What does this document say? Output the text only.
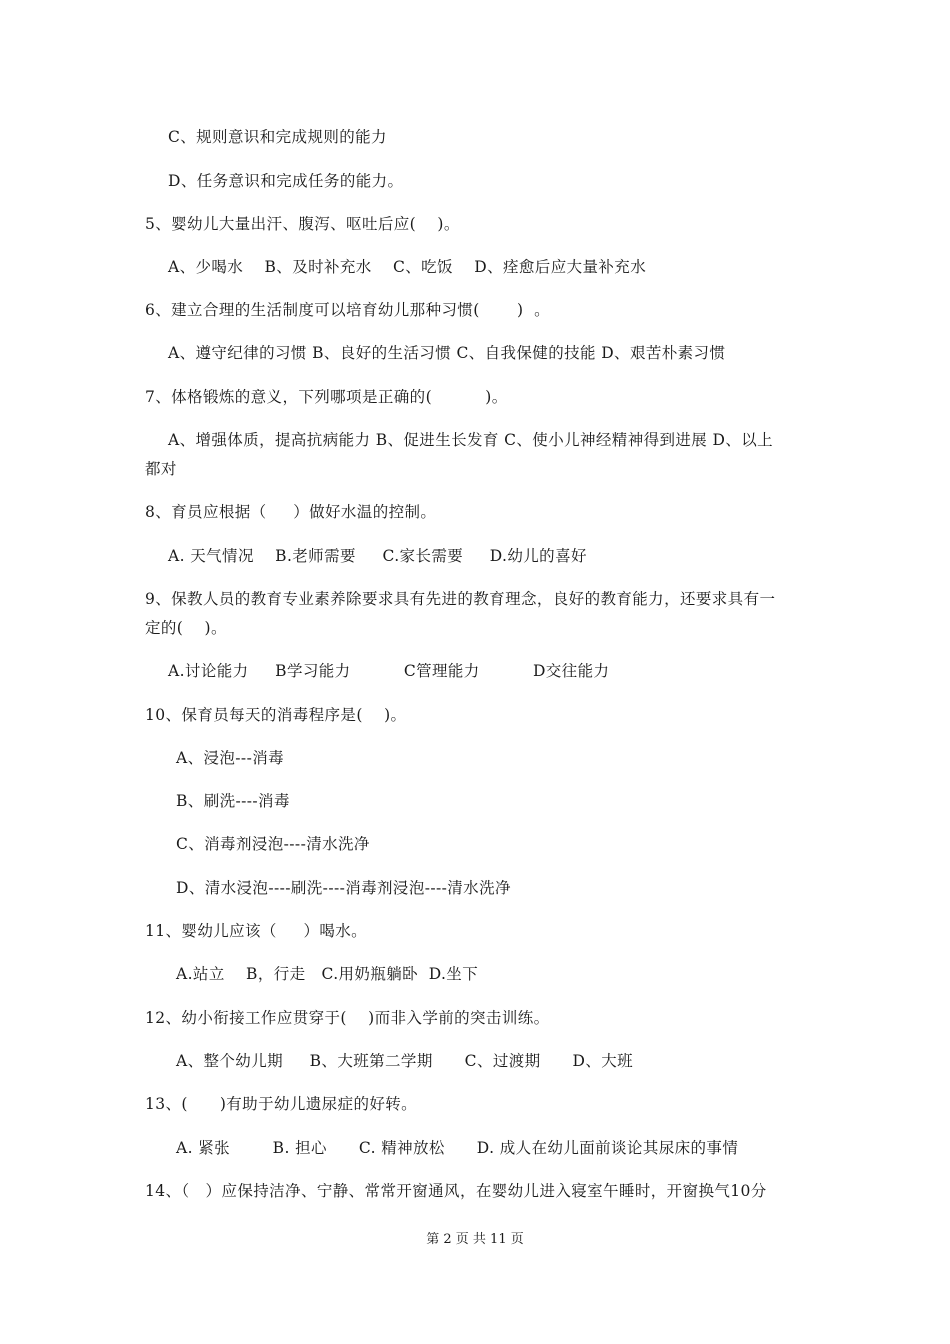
C、规则意识和完成规则的能力
D、任务意识和完成任务的能力。
5、婴幼儿大量出汗、腹泻、呕吐后应(    )。
A、少喝水    B、及时补充水    C、吃饭    D、痊愈后应大量补充水
6、建立合理的生活制度可以培育幼儿那种习惯(       )  。
A、遵守纪律的习惯 B、良好的生活习惯 C、自我保健的技能 D、艰苦朴素习惯
7、体格锻炼的意义，下列哪项是正确的(          )。
A、增强体质，提高抗病能力 B、促进生长发育 C、使小儿神经精神得到进展 D、以上
都对
8、育员应根据（     ）做好水温的控制。
A. 天气情况    B.老师需要     C.家长需要     D.幼儿的喜好
9、保教人员的教育专业素养除要求具有先进的教育理念，良好的教育能力，还要求具有一
定的(    )。
A.讨论能力     B学习能力          C管理能力          D交往能力
10、保育员每天的消毒程序是(    )。
A、浸泡---消毒
B、刷洗----消毒
C、消毒剂浸泡----清水洗净
D、清水浸泡----刷洗----消毒剂浸泡----清水洗净
11、婴幼儿应该（     ）喝水。
A.站立    B，行走   C.用奶瓶躺卧  D.坐下
12、幼小衔接工作应贯穿于(    )而非入学前的突击训练。
A、整个幼儿期     B、大班第二学期      C、过渡期      D、大班
13、(      )有助于幼儿遗尿症的好转。
A. 紧张        B. 担心      C. 精神放松      D. 成人在幼儿面前谈论其尿床的事情
14、（   ）应保持洁净、宁静、常常开窗通风，在婴幼儿进入寝室午睡时，开窗换气10分
第 2 页 共 11 页
